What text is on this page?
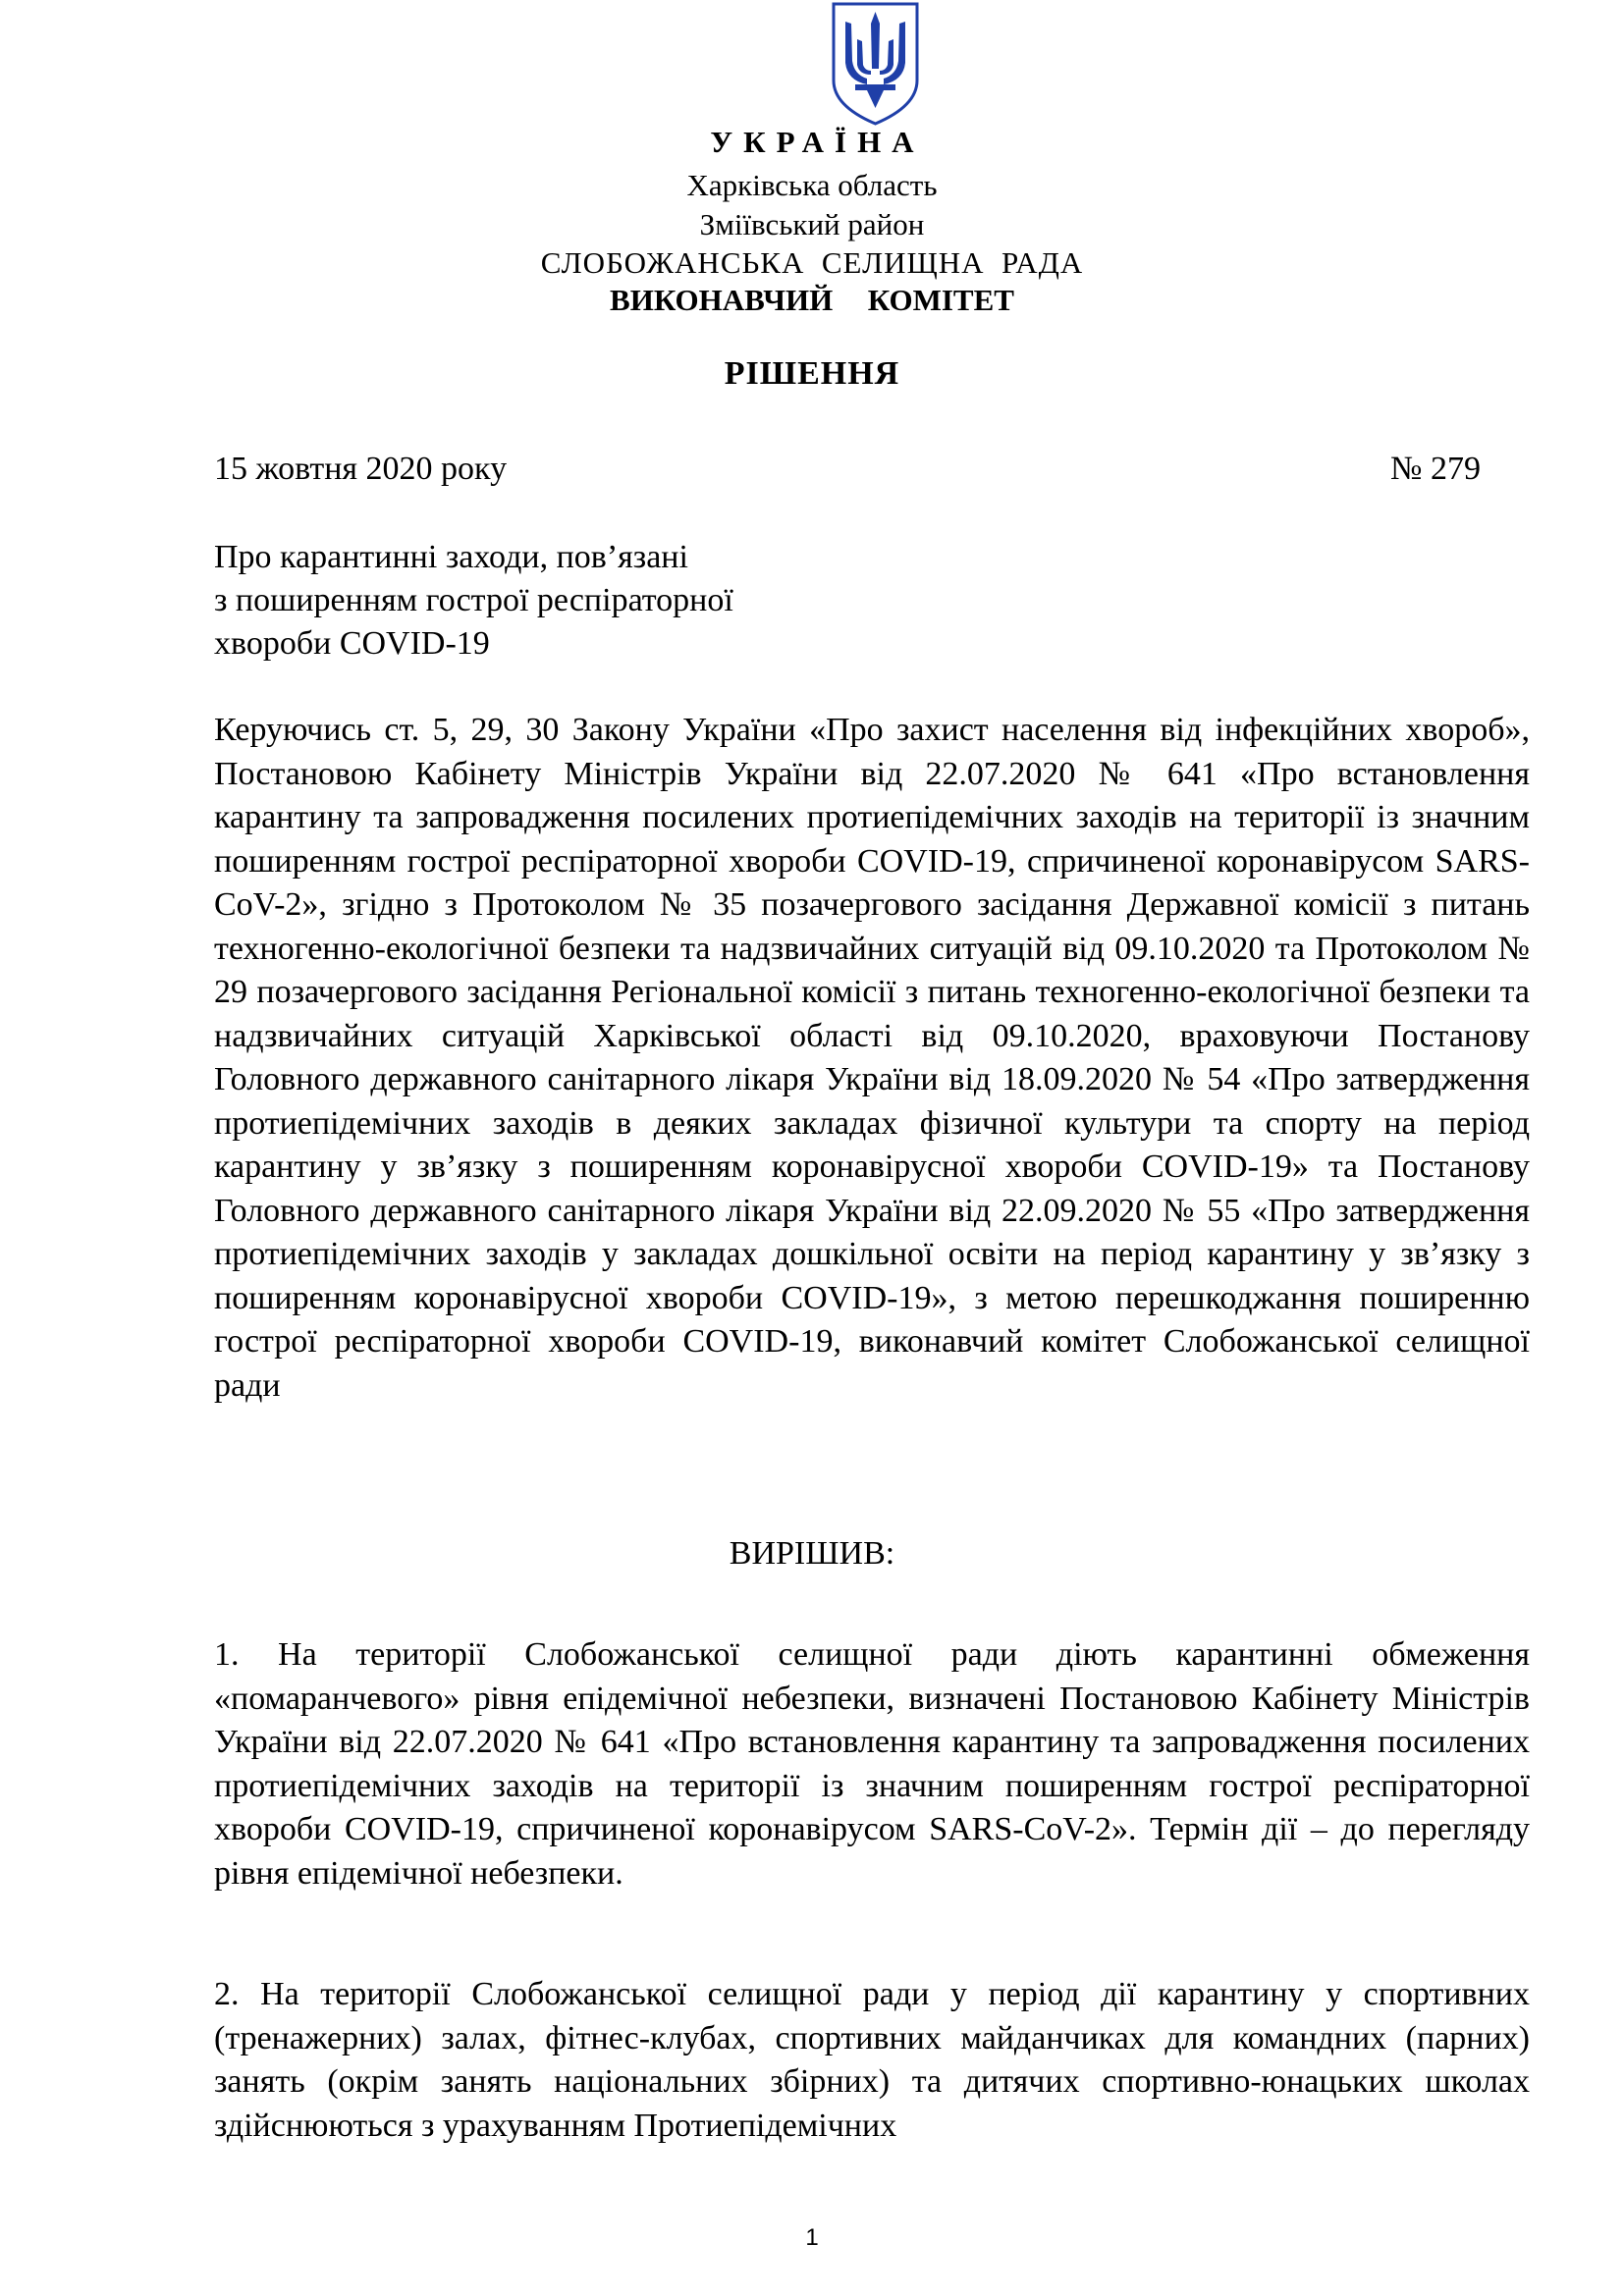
УКРАЇНА
Харківська область
Зміївський район
СЛОБОЖАНСЬКА  СЕЛИЩНА  РАДА
ВИКОНАВЧИЙ  КОМІТЕТ
РІШЕННЯ
15 жовтня 2020 року	№ 279
Про карантинні заходи, пов’язані
з поширенням гострої респіраторної
хвороби COVID-19
Керуючись ст. 5, 29, 30 Закону України «Про захист населення від інфекційних хвороб», Постановою Кабінету Міністрів України від 22.07.2020 № 641 «Про встановлення карантину та запровадження посилених протиепідемічних заходів на території із значним поширенням гострої респіраторної хвороби COVID-19, спричиненої коронавірусом SARS-CoV-2», згідно з Протоколом № 35 позачергового засідання Державної комісії з питань техногенно-екологічної безпеки та надзвичайних ситуацій від 09.10.2020 та Протоколом № 29 позачергового засідання Регіональної комісії з питань техногенно-екологічної безпеки та надзвичайних ситуацій Харківської області від 09.10.2020, враховуючи Постанову Головного державного санітарного лікаря України від 18.09.2020 № 54 «Про затвердження протиепідемічних заходів в деяких закладах фізичної культури та спорту на період карантину у зв’язку з поширенням коронавірусної хвороби COVID-19» та Постанову Головного державного санітарного лікаря України від 22.09.2020 № 55 «Про затвердження протиепідемічних заходів у закладах дошкільної освіти на період карантину у зв’язку з поширенням коронавірусної хвороби COVID-19», з метою перешкоджання поширенню гострої респіраторної хвороби COVID-19, виконавчий комітет Слобожанської селищної ради
ВИРІШИВ:
1. На території Слобожанської селищної ради діють карантинні обмеження «помаранчевого» рівня епідемічної небезпеки, визначені Постановою Кабінету Міністрів України від 22.07.2020 № 641 «Про встановлення карантину та запровадження посилених протиепідемічних заходів на території із значним поширенням гострої респіраторної хвороби COVID-19, спричиненої коронавірусом SARS-CoV-2». Термін дії – до перегляду рівня епідемічної небезпеки.
2. На території Слобожанської селищної ради у період дії карантину у спортивних (тренажерних) залах, фітнес-клубах, спортивних майданчиках для командних (парних) занять (окрім занять національних збірних) та дитячих спортивно-юнацьких школах здійснюються з урахуванням Протиепідемічних
1
